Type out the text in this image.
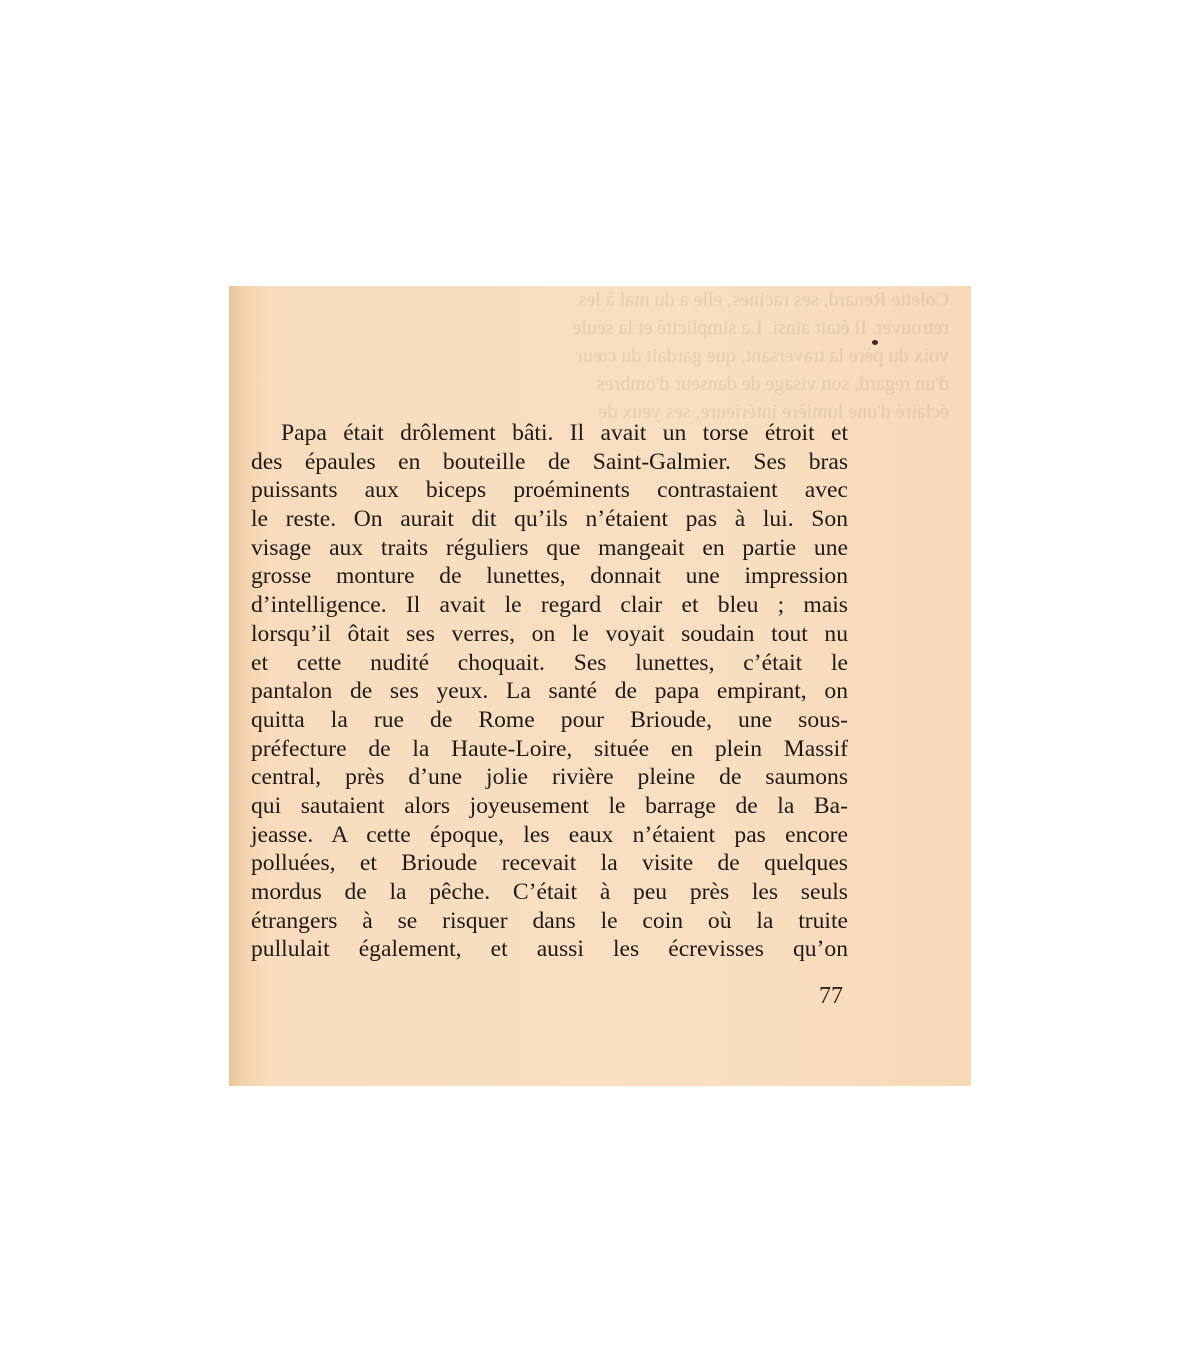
Colette Renard, ses racines, elle a du mal à les
retrouver. Il était ainsi. La simplicité et la seule
voix du père la traversant, que gardait du cœur
d'un regard, son visage de danseur d'ombres
éclairé d'une lumière intérieure, ses yeux de
Papa était drôlement bâti. Il avait un torse étroit et
des épaules en bouteille de Saint-Galmier. Ses bras
puissants aux biceps proéminents contrastaient avec
le reste. On aurait dit qu’ils n’étaient pas à lui. Son
visage aux traits réguliers que mangeait en partie une
grosse monture de lunettes, donnait une impression
d’intelligence. Il avait le regard clair et bleu ; mais
lorsqu’il ôtait ses verres, on le voyait soudain tout nu
et cette nudité choquait. Ses lunettes, c’était le
pantalon de ses yeux. La santé de papa empirant, on
quitta la rue de Rome pour Brioude, une sous-
préfecture de la Haute-Loire, située en plein Massif
central, près d’une jolie rivière pleine de saumons
qui sautaient alors joyeusement le barrage de la Ba-
jeasse. A cette époque, les eaux n’étaient pas encore
polluées, et Brioude recevait la visite de quelques
mordus de la pêche. C’était à peu près les seuls
étrangers à se risquer dans le coin où la truite
pullulait également, et aussi les écrevisses qu’on
77
